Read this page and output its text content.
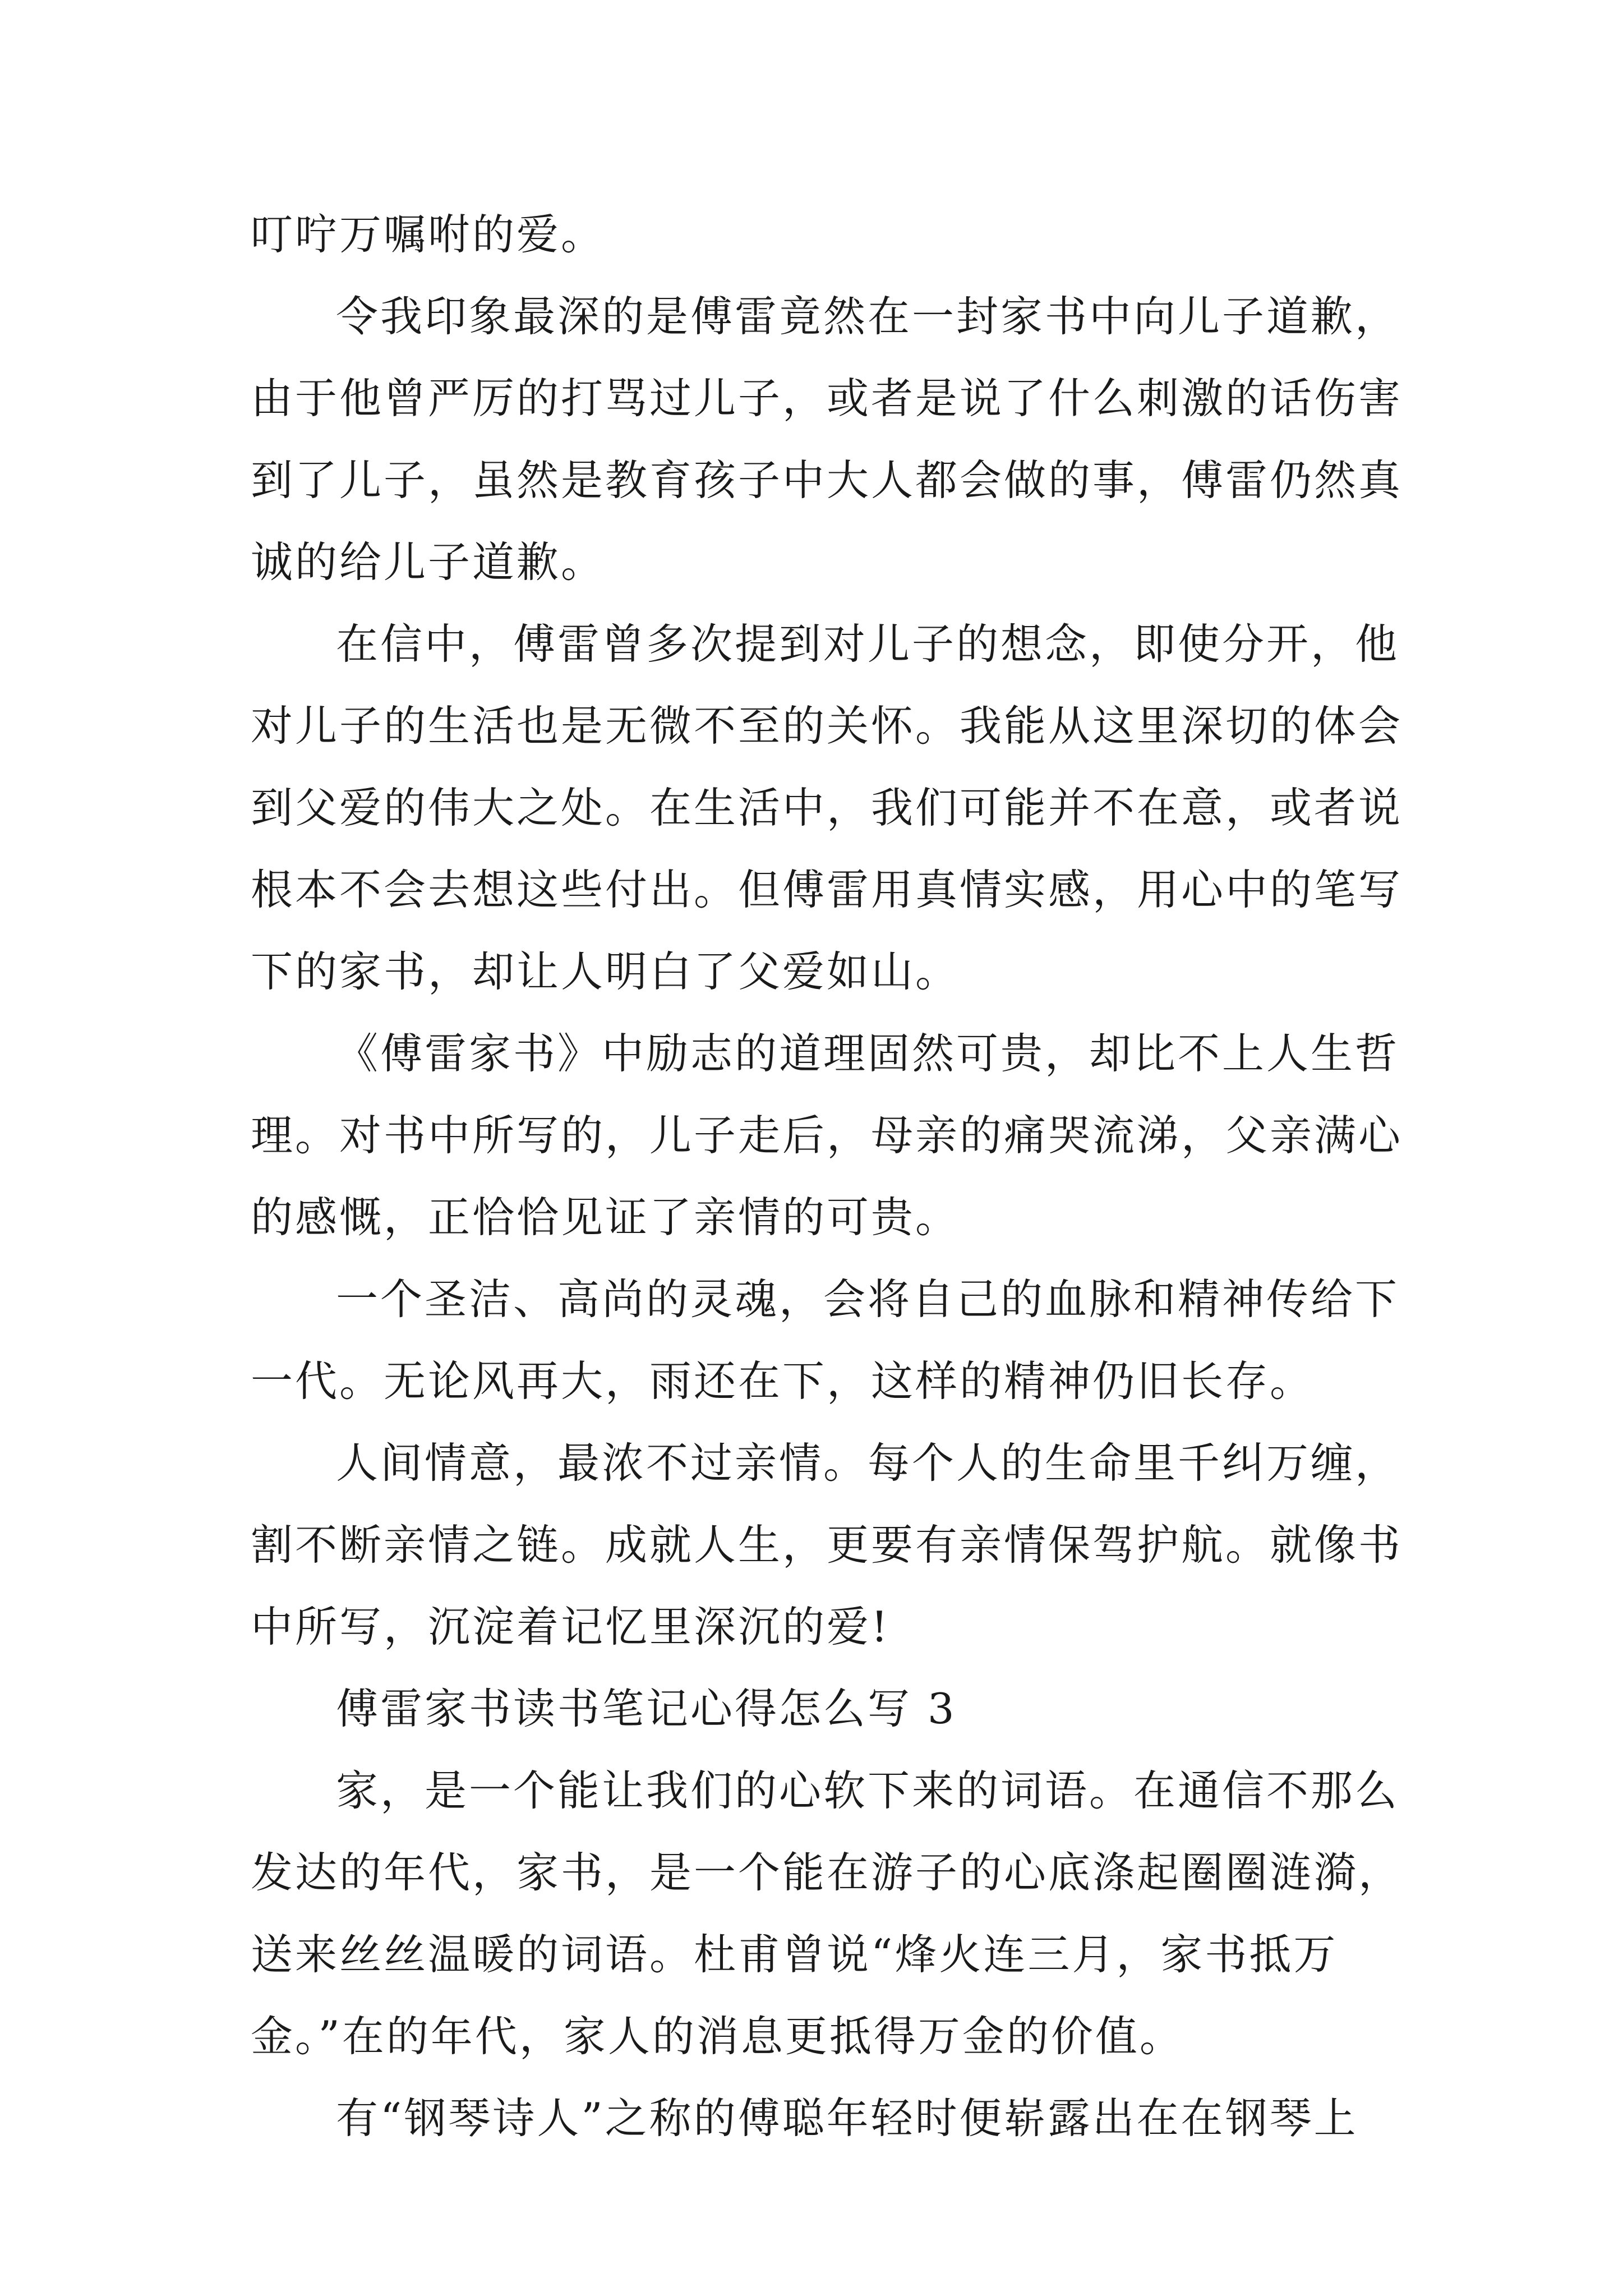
叮咛万嘱咐的爱。
令我印象最深的是傅雷竟然在一封家书中向儿子道歉，
由于他曾严厉的打骂过儿子，或者是说了什么刺激的话伤害
到了儿子，虽然是教育孩子中大人都会做的事，傅雷仍然真
诚的给儿子道歉。
在信中，傅雷曾多次提到对儿子的想念，即使分开，他
对儿子的生活也是无微不至的关怀。我能从这里深切的体会
到父爱的伟大之处。在生活中，我们可能并不在意，或者说
根本不会去想这些付出。但傅雷用真情实感，用心中的笔写
下的家书，却让人明白了父爱如山。
《傅雷家书》中励志的道理固然可贵，却比不上人生哲
理。对书中所写的，儿子走后，母亲的痛哭流涕，父亲满心
的感慨，正恰恰见证了亲情的可贵。
一个圣洁、高尚的灵魂，会将自己的血脉和精神传给下
一代。无论风再大，雨还在下，这样的精神仍旧长存。
人间情意，最浓不过亲情。每个人的生命里千纠万缠，
割不断亲情之链。成就人生，更要有亲情保驾护航。就像书
中所写，沉淀着记忆里深沉的爱!
傅雷家书读书笔记心得怎么写 3
家，是一个能让我们的心软下来的词语。在通信不那么
发达的年代，家书，是一个能在游子的心底涤起圈圈涟漪，
送来丝丝温暖的词语。杜甫曾说“烽火连三月，家书抵万
金。”在的年代，家人的消息更抵得万金的价值。
有“钢琴诗人”之称的傅聪年轻时便崭露出在在钢琴上
